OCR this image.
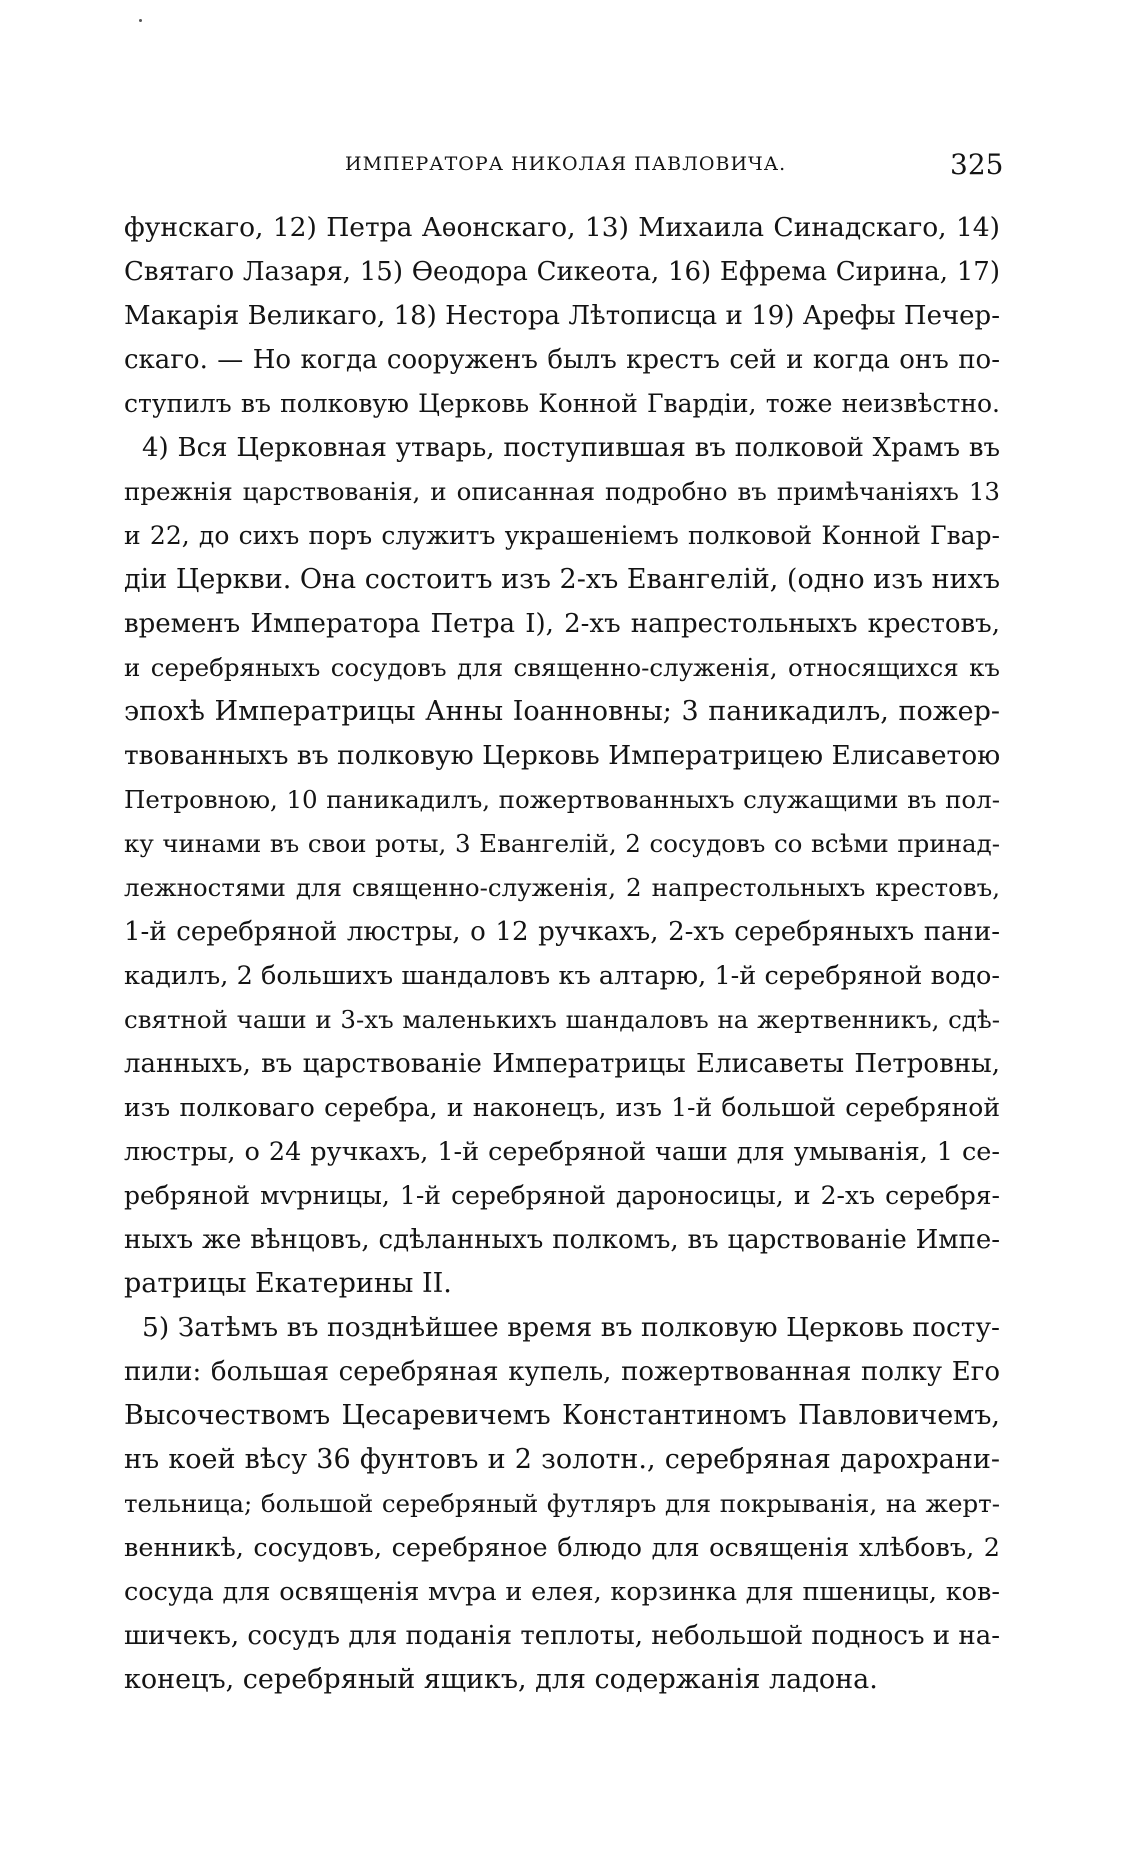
ИМПЕРАТОРА НИКОЛАЯ ПАВЛОВИЧА.	325
фунскаго, 12) Петра Аѳонскаго, 13) Михаила Синадскаго, 14)
Святаго Лазаря, 15) Ѳеодора Сикеота, 16) Ефрема Сирина, 17)
Макарія Великаго, 18) Нестора Лѣтописца и 19) Арефы Печер-
скаго. — Но когда сооруженъ былъ крестъ сей и когда онъ по-
ступилъ въ полковую Церковь Конной Гвардіи, тоже неизвѣстно.
4) Вся Церковная утварь, поступившая въ полковой Храмъ въ
прежнія царствованія, и описанная подробно въ примѣчаніяхъ 13
и 22, до сихъ поръ служитъ украшеніемъ полковой Конной Гвар-
діи Церкви. Она состоитъ изъ 2-хъ Евангелій, (одно изъ нихъ
временъ Императора Петра I), 2-хъ напрестольныхъ крестовъ,
и серебряныхъ сосудовъ для священно-служенія, относящихся къ
эпохѣ Императрицы Анны Іоанновны; 3 паникадилъ, пожер-
твованныхъ въ полковую Церковь Императрицею Елисаветою
Петровною, 10 паникадилъ, пожертвованныхъ служащими въ пол-
ку чинами въ свои роты, 3 Евангелій, 2 сосудовъ со всѣми принад-
лежностями для священно-служенія, 2 напрестольныхъ крестовъ,
1-й серебряной люстры, о 12 ручкахъ, 2-хъ серебряныхъ пани-
кадилъ, 2 большихъ шандаловъ къ алтарю, 1-й серебряной водо-
святной чаши и 3-хъ маленькихъ шандаловъ на жертвенникъ, сдѣ-
ланныхъ, въ царствованіе Императрицы Елисаветы Петровны,
изъ полковаго серебра, и наконецъ, изъ 1-й большой серебряной
люстры, о 24 ручкахъ, 1-й серебряной чаши для умыванія, 1 се-
ребряной мѵрницы, 1-й серебряной дароносицы, и 2-хъ серебря-
ныхъ же вѣнцовъ, сдѣланныхъ полкомъ, въ царствованіе Импе-
ратрицы Екатерины II.
5) Затѣмъ въ позднѣйшее время въ полковую Церковь посту-
пили: большая серебряная купель, пожертвованная полку Его
Высочествомъ Цесаревичемъ Константиномъ Павловичемъ,
нъ коей вѣсу 36 фунтовъ и 2 золотн., серебряная дарохрани-
тельница; большой серебряный футляръ для покрыванія, на жерт-
венникѣ, сосудовъ, серебряное блюдо для освященія хлѣбовъ, 2
сосуда для освященія мѵра и елея, корзинка для пшеницы, ков-
шичекъ, сосудъ для поданія теплоты, небольшой подносъ и на-
конецъ, серебряный ящикъ, для содержанія ладона.
